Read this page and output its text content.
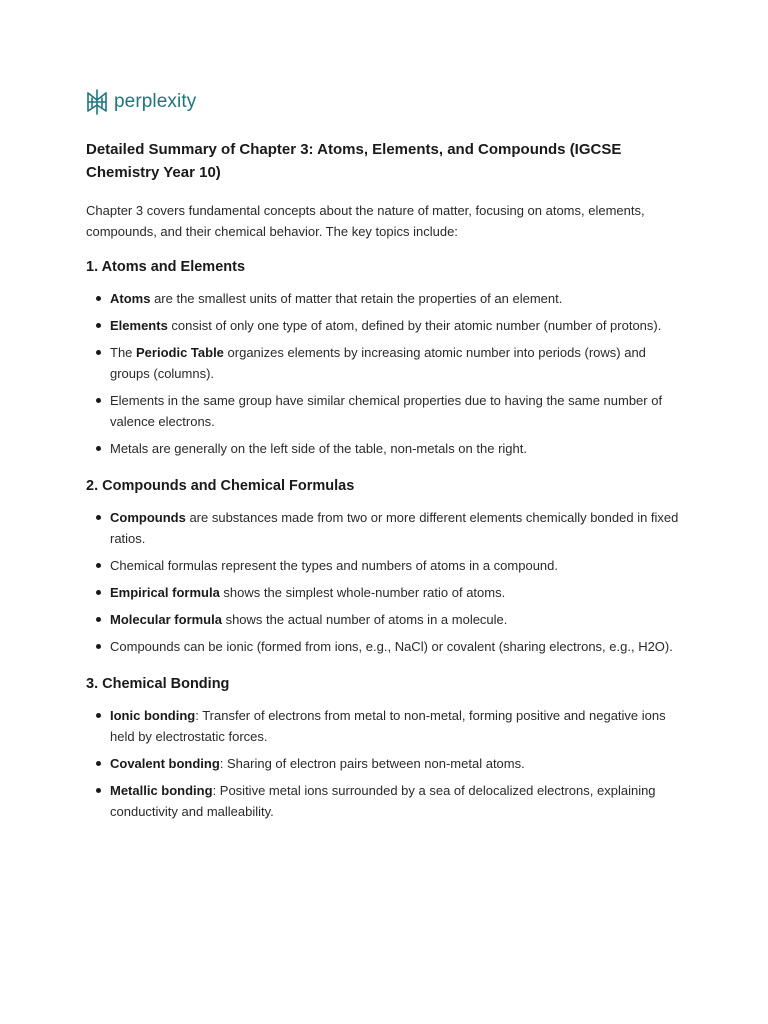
perplexity
Detailed Summary of Chapter 3: Atoms, Elements, and Compounds (IGCSE Chemistry Year 10)

Chapter 3 covers fundamental concepts about the nature of matter, focusing on atoms, elements, compounds, and their chemical behavior. The key topics include:

1. Atoms and Elements
Atoms are the smallest units of matter that retain the properties of an element.
Elements consist of only one type of atom, defined by their atomic number (number of protons).
The Periodic Table organizes elements by increasing atomic number into periods (rows) and groups (columns).
Elements in the same group have similar chemical properties due to having the same number of valence electrons.
Metals are generally on the left side of the table, non-metals on the right.
2. Compounds and Chemical Formulas
Compounds are substances made from two or more different elements chemically bonded in fixed ratios.
Chemical formulas represent the types and numbers of atoms in a compound.
Empirical formula shows the simplest whole-number ratio of atoms.
Molecular formula shows the actual number of atoms in a molecule.
Compounds can be ionic (formed from ions, e.g., NaCl) or covalent (sharing electrons, e.g., H2O).
3. Chemical Bonding
Ionic bonding: Transfer of electrons from metal to non-metal, forming positive and negative ions held by electrostatic forces.
Covalent bonding: Sharing of electron pairs between non-metal atoms.
Metallic bonding: Positive metal ions surrounded by a sea of delocalized electrons, explaining conductivity and malleability.
